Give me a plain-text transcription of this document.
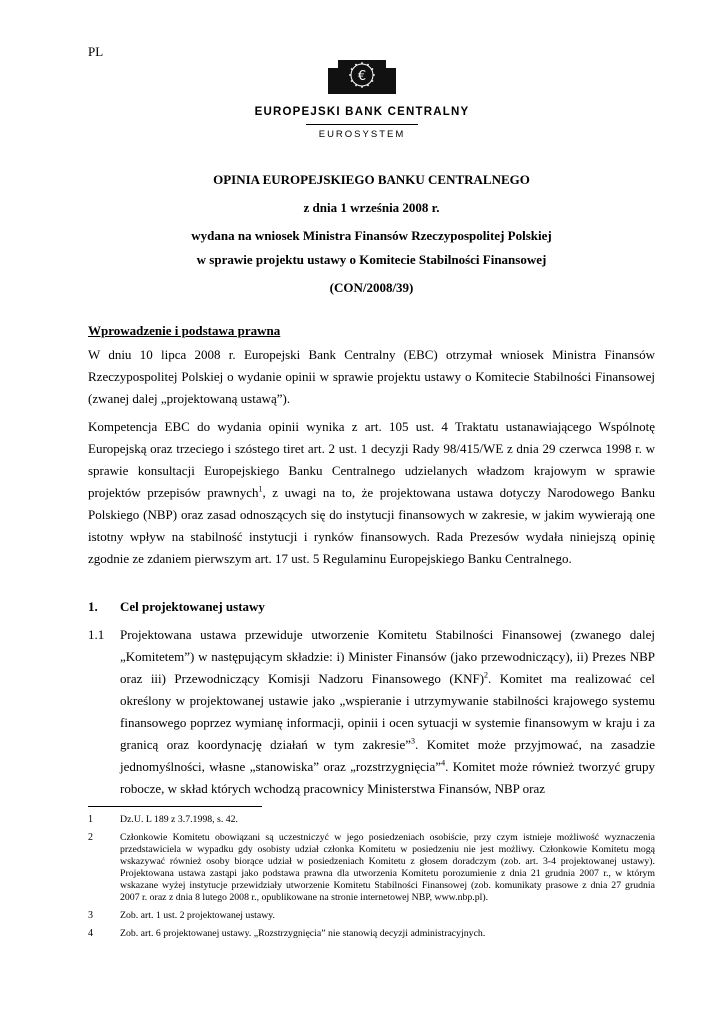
PL
€
EUROPEJSKI BANK CENTRALNY
EUROSYSTEM
OPINIA EUROPEJSKIEGO BANKU CENTRALNEGO
z dnia 1 września 2008 r.
wydana na wniosek Ministra Finansów Rzeczypospolitej Polskiej
w sprawie projektu ustawy o Komitecie Stabilności Finansowej
(CON/2008/39)

Wprowadzenie i podstawa prawna

W dniu 10 lipca 2008 r. Europejski Bank Centralny (EBC) otrzymał wniosek Ministra Finansów Rzeczypospolitej Polskiej o wydanie opinii w sprawie projektu ustawy o Komitecie Stabilności Finansowej (zwanej dalej „projektowaną ustawą”).

Kompetencja EBC do wydania opinii wynika z art. 105 ust. 4 Traktatu ustanawiającego Wspólnotę Europejską oraz trzeciego i szóstego tiret art. 2 ust. 1 decyzji Rady 98/415/WE z dnia 29 czerwca 1998 r. w sprawie konsultacji Europejskiego Banku Centralnego udzielanych władzom krajowym w sprawie projektów przepisów prawnych$^1$, z uwagi na to, że projektowana ustawa dotyczy Narodowego Banku Polskiego (NBP) oraz zasad odnoszących się do instytucji finansowych w zakresie, w jakim wywierają one istotny wpływ na stabilność instytucji i rynków finansowych. Rada Prezesów wydała niniejszą opinię zgodnie ze zdaniem pierwszym art. 17 ust. 5 Regulaminu Europejskiego Banku Centralnego.

1.	Cel projektowanej ustawy
1.1	Projektowana ustawa przewiduje utworzenie Komitetu Stabilności Finansowej (zwanego dalej „Komitetem”) w następującym składzie: i) Minister Finansów (jako przewodniczący), ii) Prezes NBP oraz iii) Przewodniczący Komisji Nadzoru Finansowego (KNF)$^2$. Komitet ma realizować cel określony w projektowanej ustawie jako „wspieranie i utrzymywanie stabilności krajowego systemu finansowego poprzez wymianę informacji, opinii i ocen sytuacji w systemie finansowym w kraju i za granicą oraz koordynację działań w tym zakresie”$^3$. Komitet może przyjmować, na zasadzie jednomyślności, własne „stanowiska” oraz „rozstrzygnięcia”$^4$. Komitet może również tworzyć grupy robocze, w skład których wchodzą pracownicy Ministerstwa Finansów, NBP oraz
1	Dz.U. L 189 z 3.7.1998, s. 42.
2	Członkowie Komitetu obowiązani są uczestniczyć w jego posiedzeniach osobiście, przy czym istnieje możliwość wyznaczenia przedstawiciela w wypadku gdy osobisty udział członka Komitetu w posiedzeniu nie jest możliwy. Członkowie Komitetu mogą wskazywać również osoby biorące udział w posiedzeniach Komitetu z głosem doradczym (zob. art. 3-4 projektowanej ustawy). Projektowana ustawa zastąpi jako podstawa prawna dla utworzenia Komitetu porozumienie z dnia 21 grudnia 2007 r., w którym wskazane wyżej instytucje przewidziały utworzenie Komitetu Stabilności Finansowej (zob. komunikaty prasowe z dnia 27 grudnia 2007 r. oraz z dnia 8 lutego 2008 r., opublikowane na stronie internetowej NBP, www.nbp.pl).
3	Zob. art. 1 ust. 2 projektowanej ustawy.
4	Zob. art. 6 projektowanej ustawy. „Rozstrzygnięcia” nie stanowią decyzji administracyjnych.
